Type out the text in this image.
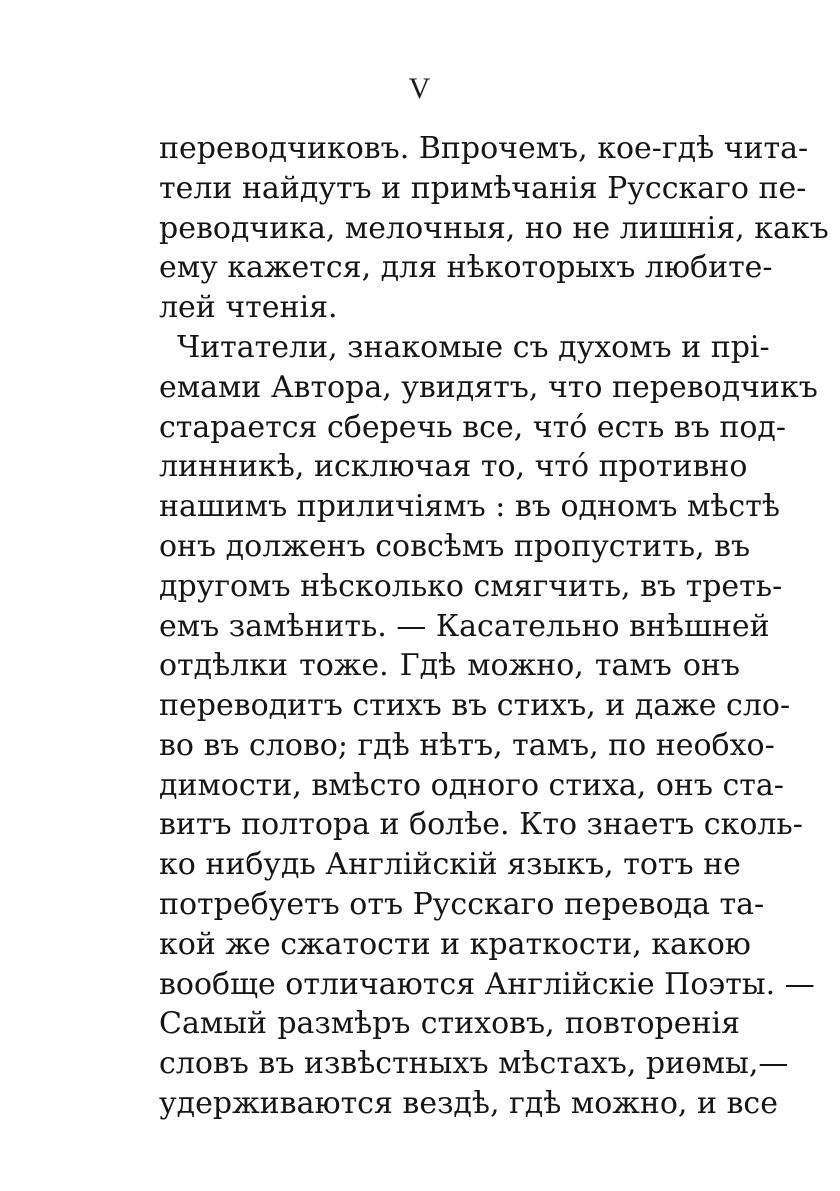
V
переводчиковъ. Впрочемъ, кое-гдѣ чита-
тели найдутъ и примѣчанія Русскаго пе-
реводчика, мелочныя, но не лишнія, какъ
ему кажется, для нѣкоторыхъ любите-
лей чтенія.
Читатели, знакомые съ духомъ и прі-
емами Автора, увидятъ, что переводчикъ
старается сберечь все, что́ есть въ под-
линникѣ, исключая то, что́ противно
нашимъ приличіямъ : въ одномъ мѣстѣ
онъ долженъ совсѣмъ пропустить, въ
другомъ нѣсколько смягчить, въ треть-
емъ замѣнить. — Касательно внѣшней
отдѣлки тоже. Гдѣ можно, тамъ онъ
переводитъ стихъ въ стихъ, и даже сло-
во въ слово; гдѣ нѣтъ, тамъ, по необхо-
димости, вмѣсто одного стиха, онъ ста-
витъ полтора и болѣе. Кто знаетъ сколь-
ко нибудь Англійскій языкъ, тотъ не
потребуетъ отъ Русскаго перевода та-
кой же сжатости и краткости, какою
вообще отличаются Англійскіе Поэты. —
Самый размѣръ стиховъ, повторенія
словъ въ извѣстныхъ мѣстахъ, риѳмы,—
удерживаются вездѣ, гдѣ можно, и все
